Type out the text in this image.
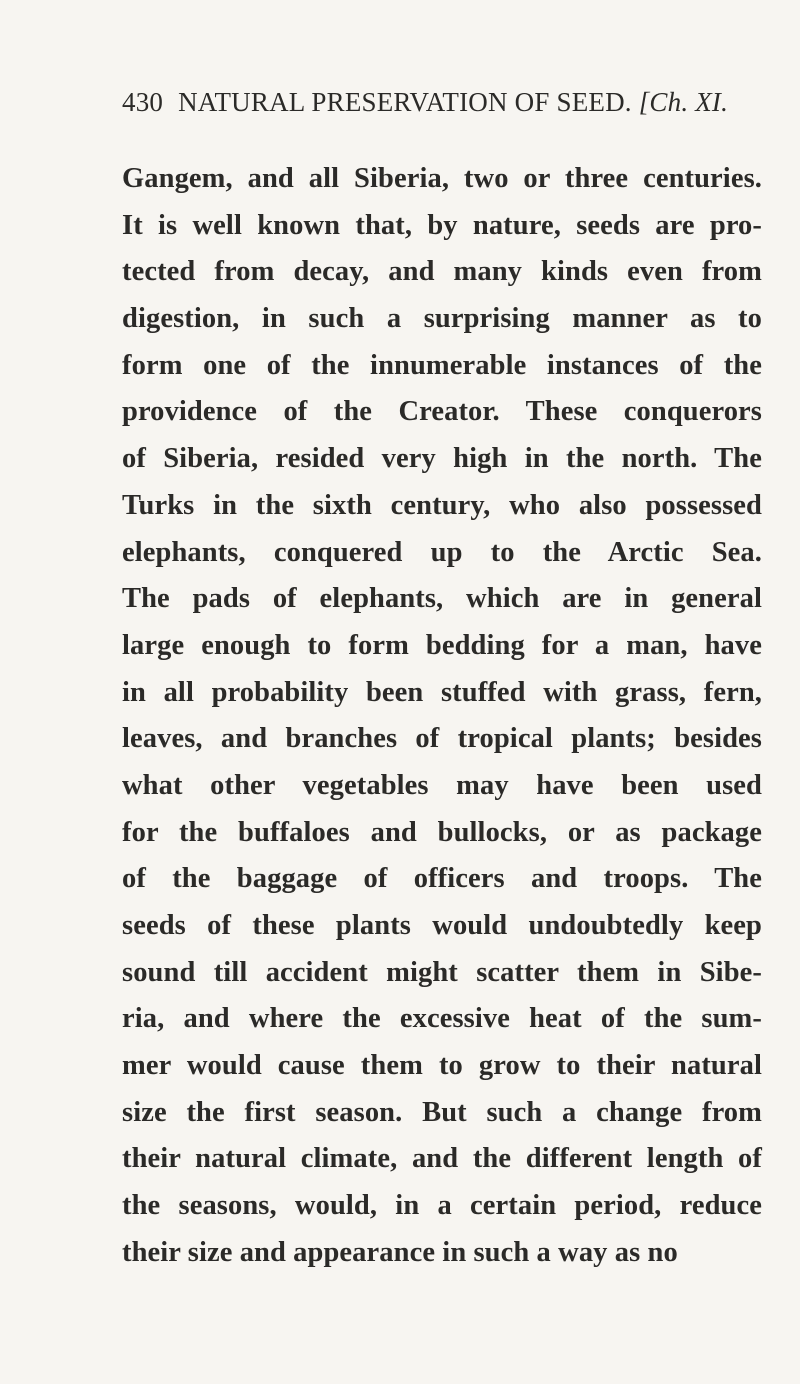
430 NATURAL PRESERVATION OF SEED. [Ch. XI.
Gangem, and all Siberia, two or three centuries.
It is well known that, by nature, seeds are pro-
tected from decay, and many kinds even from
digestion, in such a surprising manner as to
form one of the innumerable instances of the
providence of the Creator. These conquerors
of Siberia, resided very high in the north. The
Turks in the sixth century, who also possessed
elephants, conquered up to the Arctic Sea.
The pads of elephants, which are in general
large enough to form bedding for a man, have
in all probability been stuffed with grass, fern,
leaves, and branches of tropical plants; besides
what other vegetables may have been used
for the buffaloes and bullocks, or as package
of the baggage of officers and troops. The
seeds of these plants would undoubtedly keep
sound till accident might scatter them in Sibe-
ria, and where the excessive heat of the sum-
mer would cause them to grow to their natural
size the first season. But such a change from
their natural climate, and the different length of
the seasons, would, in a certain period, reduce
their size and appearance in such a way as no
